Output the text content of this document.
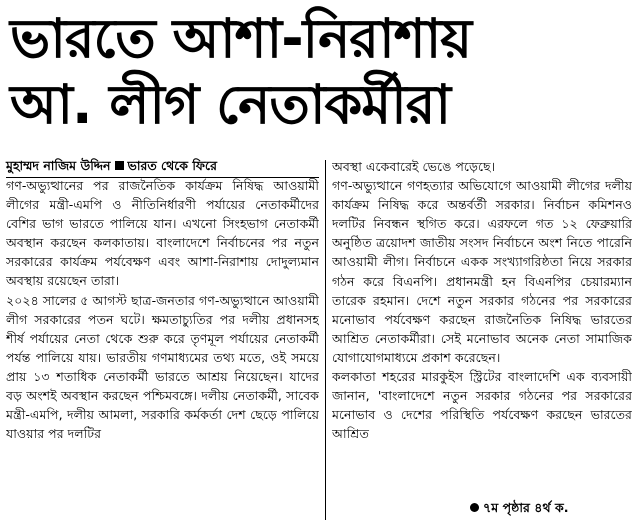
ভারতে আশা-নিরাশায়
আ. লীগ নেতাকর্মীরা
মুহাম্মদ নাজিম উদ্দিন ভারত থেকে ফিরে

গণ-অভ্যুত্থানের পর রাজনৈতিক কার্যক্রম নিষিদ্ধ আওয়ামী লীগের মন্ত্রী-এমপি ও নীতিনির্ধারণী পর্যায়ের নেতাকর্মীদের বেশির ভাগ ভারতে পালিয়ে যান। এখনো সিংহভাগ নেতাকর্মী অবস্থান করছেন কলকাতায়। বাংলাদেশে নির্বাচনের পর নতুন সরকারের কার্যক্রম পর্যবেক্ষণ এবং আশা-নিরাশায় দোদুল্যমান অবস্থায় রয়েছেন তারা।

২০২৪ সালের ৫ আগস্ট ছাত্র-জনতার গণ-অভ্যুত্থানে আওয়ামী লীগ সরকারের পতন ঘটে। ক্ষমতাচ্যুতির পর দলীয় প্রধানসহ শীর্ষ পর্যায়ের নেতা থেকে শুরু করে তৃণমূল পর্যায়ের নেতাকর্মী পর্যন্ত পালিয়ে যায়। ভারতীয় গণমাধ্যমের তথ্য মতে, ওই সময়ে প্রায় ১৩ শতাধিক নেতাকর্মী ভারতে আশ্রয় নিয়েছেন। যাদের বড় অংশই অবস্থান করছেন পশ্চিমবঙ্গে। দলীয় নেতাকর্মী, সাবেক মন্ত্রী-এমপি, দলীয় আমলা, সরকারি কর্মকর্তা দেশ ছেড়ে পালিয়ে যাওয়ার পর দলটির

অবস্থা একেবারেই ভেঙে পড়েছে।

গণ-অভ্যুত্থানে গণহত্যার অভিযোগে আওয়ামী লীগের দলীয় কার্যক্রম নিষিদ্ধ করে অন্তর্বর্তী সরকার। নির্বাচন কমিশনও দলটির নিবন্ধন স্থগিত করে। এরফলে গত ১২ ফেব্রুয়ারি অনুষ্ঠিত ত্রয়োদশ জাতীয় সংসদ নির্বাচনে অংশ নিতে পারেনি আওয়ামী লীগ। নির্বাচনে একক সংখ্যাগরিষ্ঠতা নিয়ে সরকার গঠন করে বিএনপি। প্রধানমন্ত্রী হন বিএনপির চেয়ারম্যান তারেক রহমান। দেশে নতুন সরকার গঠনের পর সরকারের মনোভাব পর্যবেক্ষণ করছেন রাজনৈতিক নিষিদ্ধ ভারতের আশ্রিত নেতাকর্মীরা। সেই মনোভাব অনেক নেতা সামাজিক যোগাযোগমাধ্যমে প্রকাশ করেছেন।

কলকাতা শহরের মারকুইস স্ট্রিটের বাংলাদেশি এক ব্যবসায়ী জানান, 'বাংলাদেশে নতুন সরকার গঠনের পর সরকারের মনোভাব ও দেশের পরিস্থিতি পর্যবেক্ষণ করছেন ভারতের আশ্রিত

৭ম পৃষ্ঠার ৪র্থ ক.
